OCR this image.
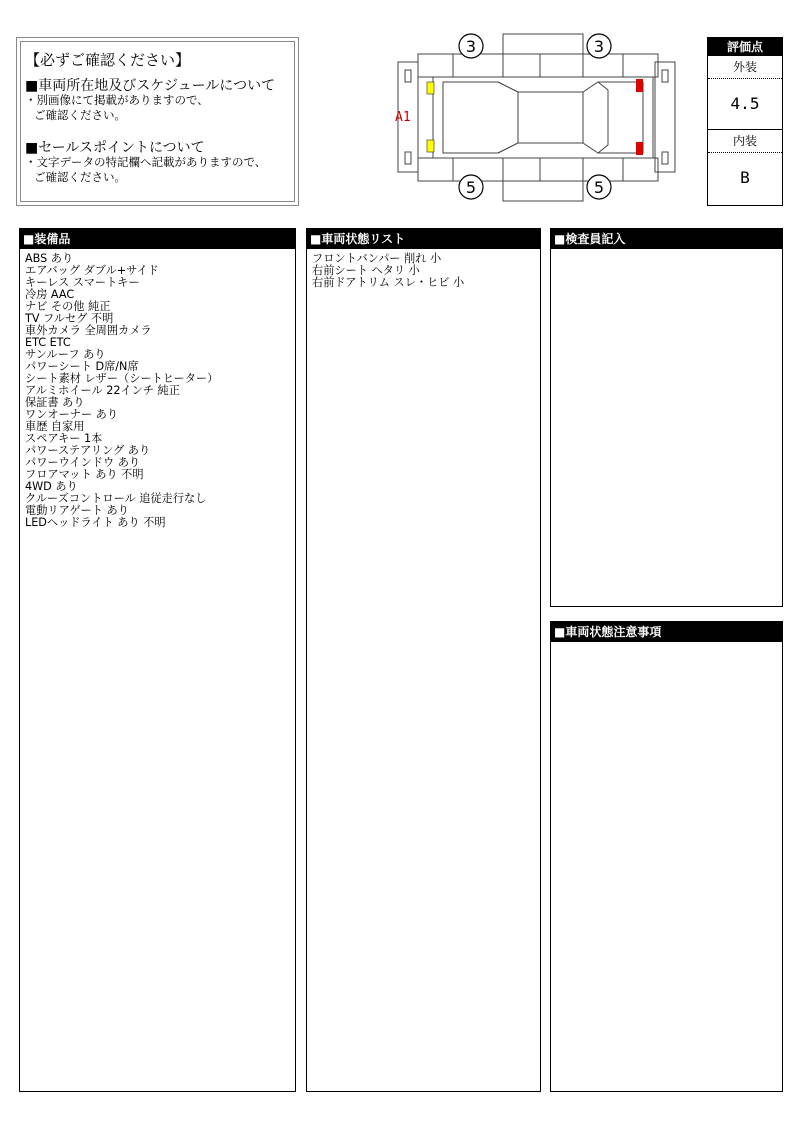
【必ずご確認ください】
■車両所在地及びスケジュールについて
・別画像にて掲載がありますので、
ご確認ください。
■セールスポイントについて
・文字データの特記欄へ記載がありますので、
ご確認ください。
3	3
5	5
A1
評価点
外装
4.5
内装
B
■装備品
ABS あり
エアバッグ ダブル+サイド
キーレス スマートキー
冷房 AAC
ナビ その他 純正
TV フルセグ 不明
車外カメラ 全周囲カメラ
ETC ETC
サンルーフ あり
パワーシート D席/N席
シート素材 レザー（シートヒーター）
アルミホイール 22インチ 純正
保証書 あり
ワンオーナー あり
車歴 自家用
スペアキー 1本
パワーステアリング あり
パワーウインドウ あり
フロアマット あり 不明
4WD あり
クルーズコントロール 追従走行なし
電動リアゲート あり
LEDヘッドライト あり 不明
■車両状態リスト
フロントバンパー 削れ 小
右前シート ヘタリ 小
右前ドアトリム スレ・ヒビ 小
■検査員記入
■車両状態注意事項
